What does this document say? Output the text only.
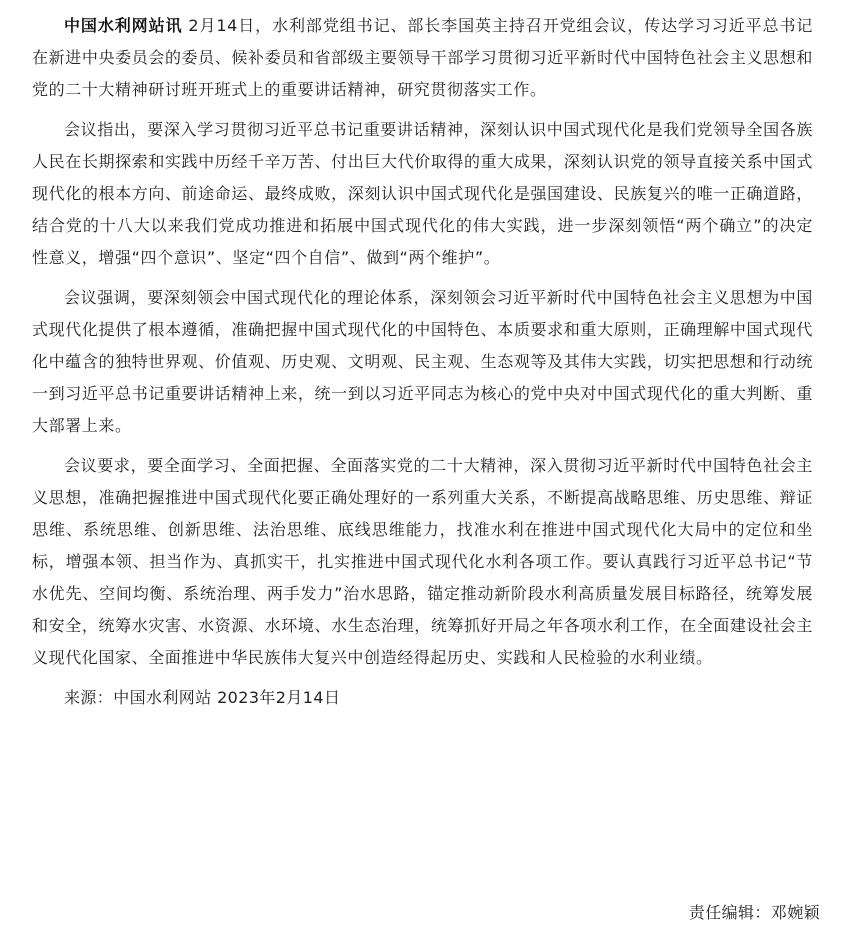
中国水利网站讯 2月14日，水利部党组书记、部长李国英主持召开党组会议，传达学习习近平总书记在新进中央委员会的委员、候补委员和省部级主要领导干部学习贯彻习近平新时代中国特色社会主义思想和党的二十大精神研讨班开班式上的重要讲话精神，研究贯彻落实工作。

会议指出，要深入学习贯彻习近平总书记重要讲话精神，深刻认识中国式现代化是我们党领导全国各族人民在长期探索和实践中历经千辛万苦、付出巨大代价取得的重大成果，深刻认识党的领导直接关系中国式现代化的根本方向、前途命运、最终成败，深刻认识中国式现代化是强国建设、民族复兴的唯一正确道路，结合党的十八大以来我们党成功推进和拓展中国式现代化的伟大实践，进一步深刻领悟“两个确立”的决定性意义，增强“四个意识”、坚定“四个自信”、做到“两个维护”。

会议强调，要深刻领会中国式现代化的理论体系，深刻领会习近平新时代中国特色社会主义思想为中国式现代化提供了根本遵循，准确把握中国式现代化的中国特色、本质要求和重大原则，正确理解中国式现代化中蕴含的独特世界观、价值观、历史观、文明观、民主观、生态观等及其伟大实践，切实把思想和行动统一到习近平总书记重要讲话精神上来，统一到以习近平同志为核心的党中央对中国式现代化的重大判断、重大部署上来。

会议要求，要全面学习、全面把握、全面落实党的二十大精神，深入贯彻习近平新时代中国特色社会主义思想，准确把握推进中国式现代化要正确处理好的一系列重大关系，不断提高战略思维、历史思维、辩证思维、系统思维、创新思维、法治思维、底线思维能力，找准水利在推进中国式现代化大局中的定位和坐标，增强本领、担当作为、真抓实干，扎实推进中国式现代化水利各项工作。要认真践行习近平总书记“节水优先、空间均衡、系统治理、两手发力”治水思路，锚定推动新阶段水利高质量发展目标路径，统筹发展和安全，统筹水灾害、水资源、水环境、水生态治理，统筹抓好开局之年各项水利工作，在全面建设社会主义现代化国家、全面推进中华民族伟大复兴中创造经得起历史、实践和人民检验的水利业绩。

来源：中国水利网站 2023年2月14日

责任编辑：邓婉颖
